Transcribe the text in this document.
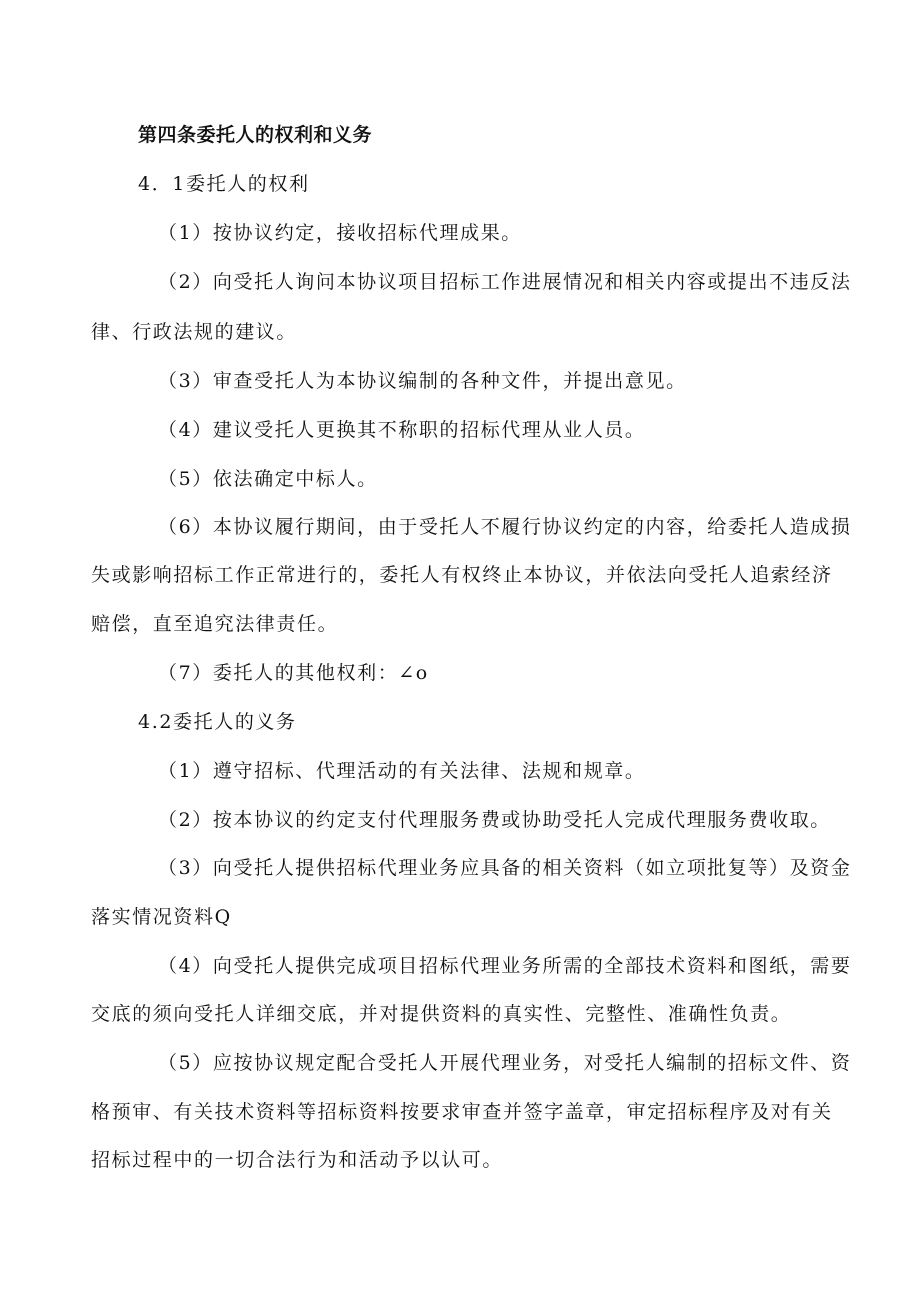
第四条委托人的权利和义务
4．1委托人的权利
（1）按协议约定，接收招标代理成果。
（2）向受托人询问本协议项目招标工作进展情况和相关内容或提出不违反法
律、行政法规的建议。
（3）审查受托人为本协议编制的各种文件，并提出意见。
（4）建议受托人更换其不称职的招标代理从业人员。
（5）依法确定中标人。
（6）本协议履行期间，由于受托人不履行协议约定的内容，给委托人造成损
失或影响招标工作正常进行的，委托人有权终止本协议，并依法向受托人追索经济
赔偿，直至追究法律责任。
（7）委托人的其他权利：∠o
4.2委托人的义务
（1）遵守招标、代理活动的有关法律、法规和规章。
（2）按本协议的约定支付代理服务费或协助受托人完成代理服务费收取。
（3）向受托人提供招标代理业务应具备的相关资料（如立项批复等）及资金
落实情况资料Q
（4）向受托人提供完成项目招标代理业务所需的全部技术资料和图纸，需要
交底的须向受托人详细交底，并对提供资料的真实性、完整性、准确性负责。
（5）应按协议规定配合受托人开展代理业务，对受托人编制的招标文件、资
格预审、有关技术资料等招标资料按要求审查并签字盖章，审定招标程序及对有关
招标过程中的一切合法行为和活动予以认可。
